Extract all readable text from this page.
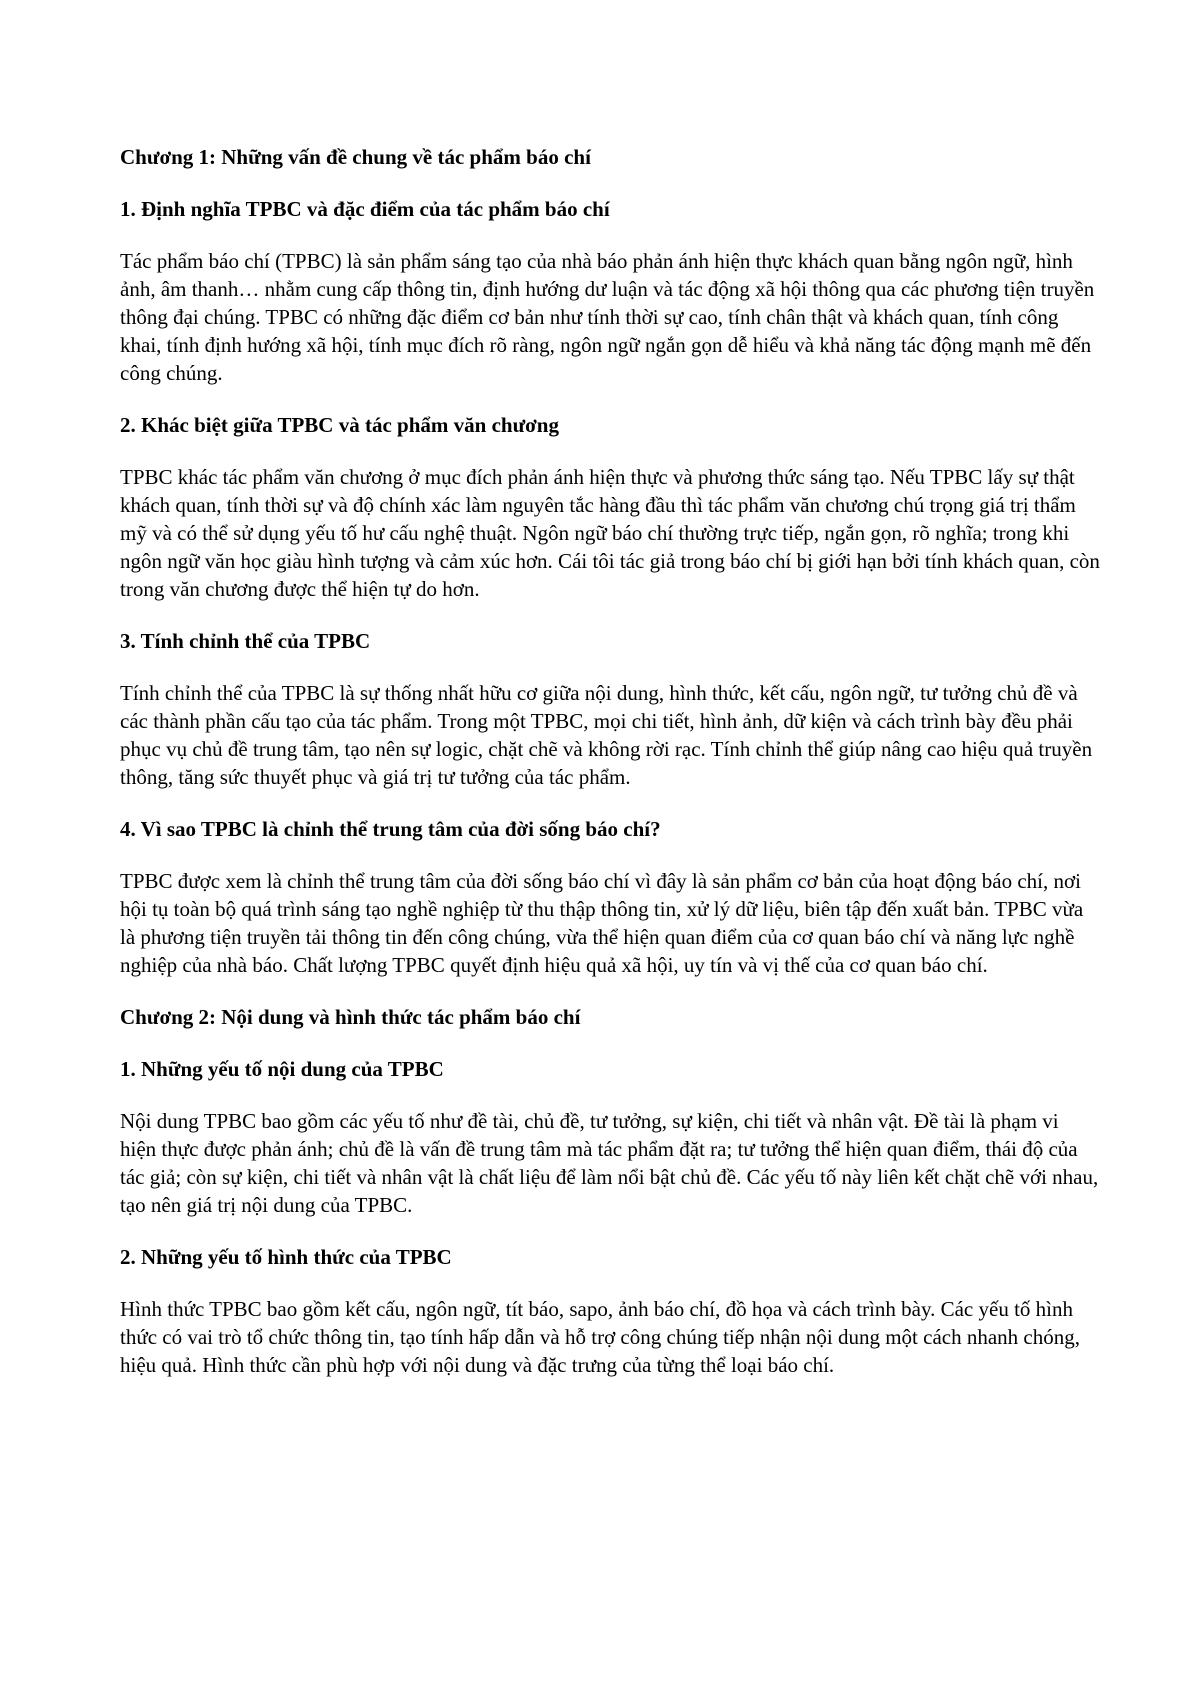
Chương 1: Những vấn đề chung về tác phẩm báo chí
1. Định nghĩa TPBC và đặc điểm của tác phẩm báo chí
Tác phẩm báo chí (TPBC) là sản phẩm sáng tạo của nhà báo phản ánh hiện thực khách quan bằng ngôn ngữ, hình ảnh, âm thanh… nhằm cung cấp thông tin, định hướng dư luận và tác động xã hội thông qua các phương tiện truyền thông đại chúng. TPBC có những đặc điểm cơ bản như tính thời sự cao, tính chân thật và khách quan, tính công khai, tính định hướng xã hội, tính mục đích rõ ràng, ngôn ngữ ngắn gọn dễ hiểu và khả năng tác động mạnh mẽ đến công chúng.
2. Khác biệt giữa TPBC và tác phẩm văn chương
TPBC khác tác phẩm văn chương ở mục đích phản ánh hiện thực và phương thức sáng tạo. Nếu TPBC lấy sự thật khách quan, tính thời sự và độ chính xác làm nguyên tắc hàng đầu thì tác phẩm văn chương chú trọng giá trị thẩm mỹ và có thể sử dụng yếu tố hư cấu nghệ thuật. Ngôn ngữ báo chí thường trực tiếp, ngắn gọn, rõ nghĩa; trong khi ngôn ngữ văn học giàu hình tượng và cảm xúc hơn. Cái tôi tác giả trong báo chí bị giới hạn bởi tính khách quan, còn trong văn chương được thể hiện tự do hơn.
3. Tính chỉnh thể của TPBC
Tính chỉnh thể của TPBC là sự thống nhất hữu cơ giữa nội dung, hình thức, kết cấu, ngôn ngữ, tư tưởng chủ đề và các thành phần cấu tạo của tác phẩm. Trong một TPBC, mọi chi tiết, hình ảnh, dữ kiện và cách trình bày đều phải phục vụ chủ đề trung tâm, tạo nên sự logic, chặt chẽ và không rời rạc. Tính chỉnh thể giúp nâng cao hiệu quả truyền thông, tăng sức thuyết phục và giá trị tư tưởng của tác phẩm.
4. Vì sao TPBC là chỉnh thể trung tâm của đời sống báo chí?
TPBC được xem là chỉnh thể trung tâm của đời sống báo chí vì đây là sản phẩm cơ bản của hoạt động báo chí, nơi hội tụ toàn bộ quá trình sáng tạo nghề nghiệp từ thu thập thông tin, xử lý dữ liệu, biên tập đến xuất bản. TPBC vừa là phương tiện truyền tải thông tin đến công chúng, vừa thể hiện quan điểm của cơ quan báo chí và năng lực nghề nghiệp của nhà báo. Chất lượng TPBC quyết định hiệu quả xã hội, uy tín và vị thế của cơ quan báo chí.
Chương 2: Nội dung và hình thức tác phẩm báo chí
1. Những yếu tố nội dung của TPBC
Nội dung TPBC bao gồm các yếu tố như đề tài, chủ đề, tư tưởng, sự kiện, chi tiết và nhân vật. Đề tài là phạm vi hiện thực được phản ánh; chủ đề là vấn đề trung tâm mà tác phẩm đặt ra; tư tưởng thể hiện quan điểm, thái độ của tác giả; còn sự kiện, chi tiết và nhân vật là chất liệu để làm nổi bật chủ đề. Các yếu tố này liên kết chặt chẽ với nhau, tạo nên giá trị nội dung của TPBC.
2. Những yếu tố hình thức của TPBC
Hình thức TPBC bao gồm kết cấu, ngôn ngữ, tít báo, sapo, ảnh báo chí, đồ họa và cách trình bày. Các yếu tố hình thức có vai trò tổ chức thông tin, tạo tính hấp dẫn và hỗ trợ công chúng tiếp nhận nội dung một cách nhanh chóng, hiệu quả. Hình thức cần phù hợp với nội dung và đặc trưng của từng thể loại báo chí.
